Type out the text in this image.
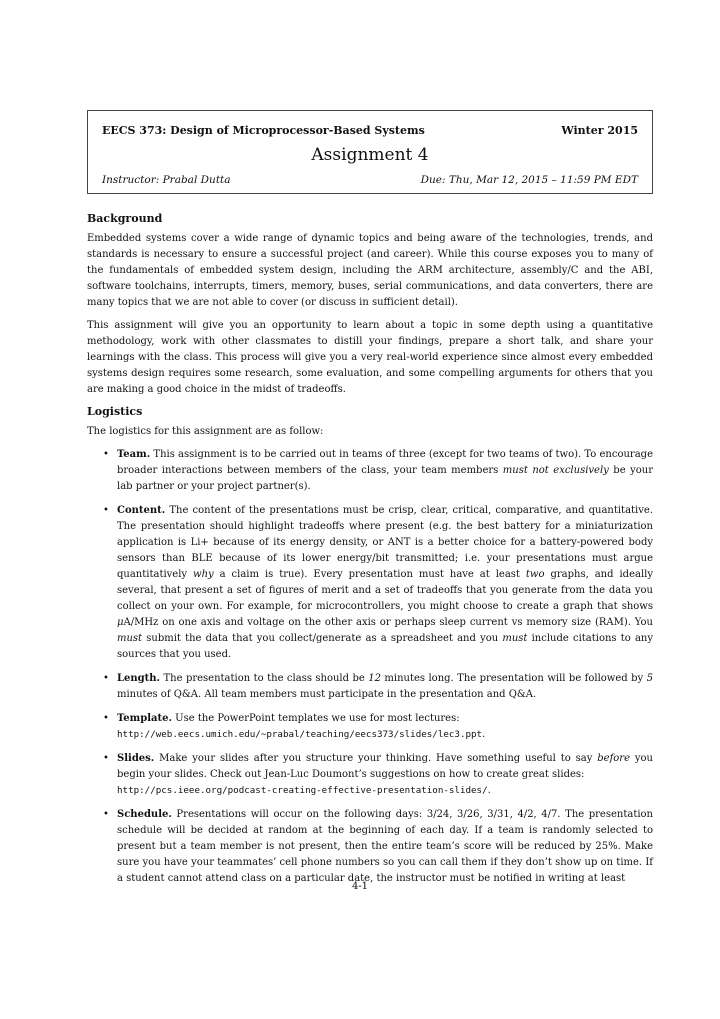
EECS 373: Design of Microprocessor-Based Systems	Winter 2015
Assignment 4
Instructor: Prabal Dutta	Due: Thu, Mar 12, 2015 – 11:59 PM EDT
Background

Embedded systems cover a wide range of dynamic topics and being aware of the technologies, trends, and standards is necessary to ensure a successful project (and career). While this course exposes you to many of the fundamentals of embedded system design, including the ARM architecture, assembly/C and the ABI, software toolchains, interrupts, timers, memory, buses, serial communications, and data converters, there are many topics that we are not able to cover (or discuss in sufficient detail).

This assignment will give you an opportunity to learn about a topic in some depth using a quantitative methodology, work with other classmates to distill your findings, prepare a short talk, and share your learnings with the class. This process will give you a very real-world experience since almost every embedded systems design requires some research, some evaluation, and some compelling arguments for others that you are making a good choice in the midst of tradeoffs.

Logistics

The logistics for this assignment are as follow:

• Team. This assignment is to be carried out in teams of three (except for two teams of two). To encourage broader interactions between members of the class, your team members must not exclusively be your lab partner or your project partner(s).
• Content. The content of the presentations must be crisp, clear, critical, comparative, and quantitative. The presentation should highlight tradeoffs where present (e.g. the best battery for a miniaturization application is Li+ because of its energy density, or ANT is a better choice for a battery-powered body sensors than BLE because of its lower energy/bit transmitted; i.e. your presentations must argue quantitatively why a claim is true). Every presentation must have at least two graphs, and ideally several, that present a set of figures of merit and a set of tradeoffs that you generate from the data you collect on your own. For example, for microcontrollers, you might choose to create a graph that shows μA/MHz on one axis and voltage on the other axis or perhaps sleep current vs memory size (RAM). You must submit the data that you collect/generate as a spreadsheet and you must include citations to any sources that you used.
• Length. The presentation to the class should be 12 minutes long. The presentation will be followed by 5 minutes of Q&A. All team members must participate in the presentation and Q&A.
• Template. Use the PowerPoint templates we use for most lectures:
http://web.eecs.umich.edu/~prabal/teaching/eecs373/slides/lec3.ppt.
• Slides. Make your slides after you structure your thinking. Have something useful to say before you begin your slides. Check out Jean-Luc Doumont’s suggestions on how to create great slides:
http://pcs.ieee.org/podcast-creating-effective-presentation-slides/.
• Schedule. Presentations will occur on the following days: 3/24, 3/26, 3/31, 4/2, 4/7. The presentation schedule will be decided at random at the beginning of each day. If a team is randomly selected to present but a team member is not present, then the entire team’s score will be reduced by 25%. Make sure you have your teammates’ cell phone numbers so you can call them if they don’t show up on time. If a student cannot attend class on a particular date, the instructor must be notified in writing at least
4-1
